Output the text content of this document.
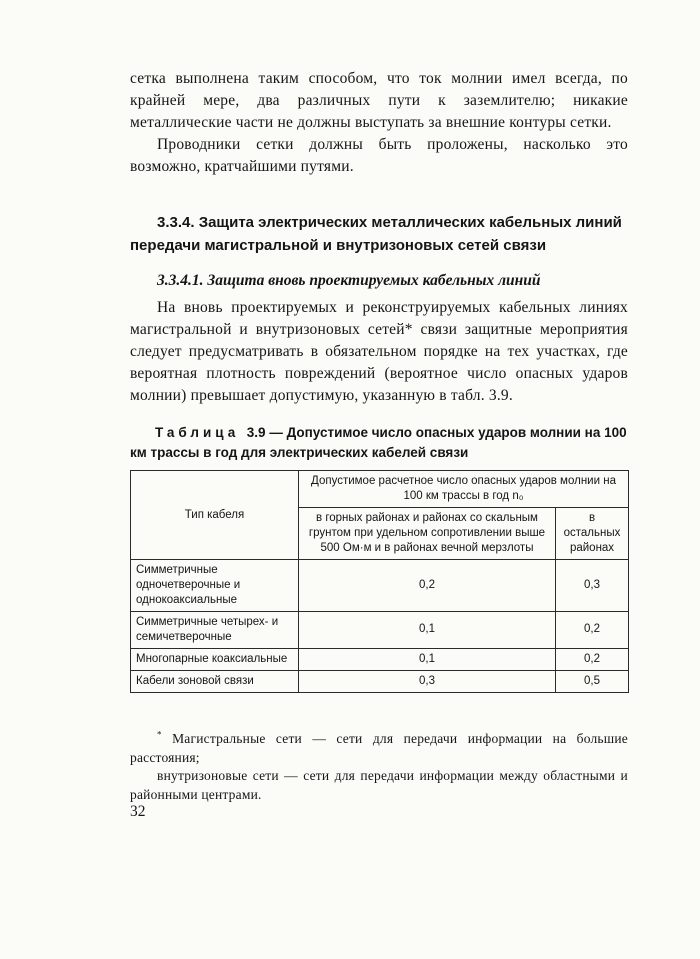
сетка выполнена таким способом, что ток молнии имел всегда, по крайней мере, два различных пути к заземлителю; никакие металлические части не должны выступать за внешние контуры сетки.

Проводники сетки должны быть проложены, насколько это возможно, кратчайшими путями.

3.3.4. Защита электрических металлических кабельных линий передачи магистральной и внутризоновых сетей связи
3.3.4.1. Защита вновь проектируемых кабельных линий

На вновь проектируемых и реконструируемых кабельных линиях магистральной и внутризоновых сетей* связи защитные мероприятия следует предусматривать в обязательном порядке на тех участках, где вероятная плотность повреждений (вероятное число опасных ударов молнии) превышает допустимую, указанную в табл. 3.9.

Таблица 3.9 — Допустимое число опасных ударов молнии на 100 км трассы в год для электрических кабелей связи

Тип кабеля	Допустимое расчетное число опасных ударов молнии на 100 км трассы в год n₀	
	в горных районах и районах со скальным грунтом при удельном сопротивлении выше 500 Ом·м и в районах вечной мерзлоты	в остальных районах
Симметричные одночетверочные и однокоаксиальные	0,2	0,3
Симметричные четырех- и семичетверочные	0,1	0,2
Многопарные коаксиальные	0,1	0,2
Кабели зоновой связи	0,3	0,5

* Магистральные сети — сети для передачи информации на большие расстояния;

внутризоновые сети — сети для передачи информации между областными и районными центрами.

32
